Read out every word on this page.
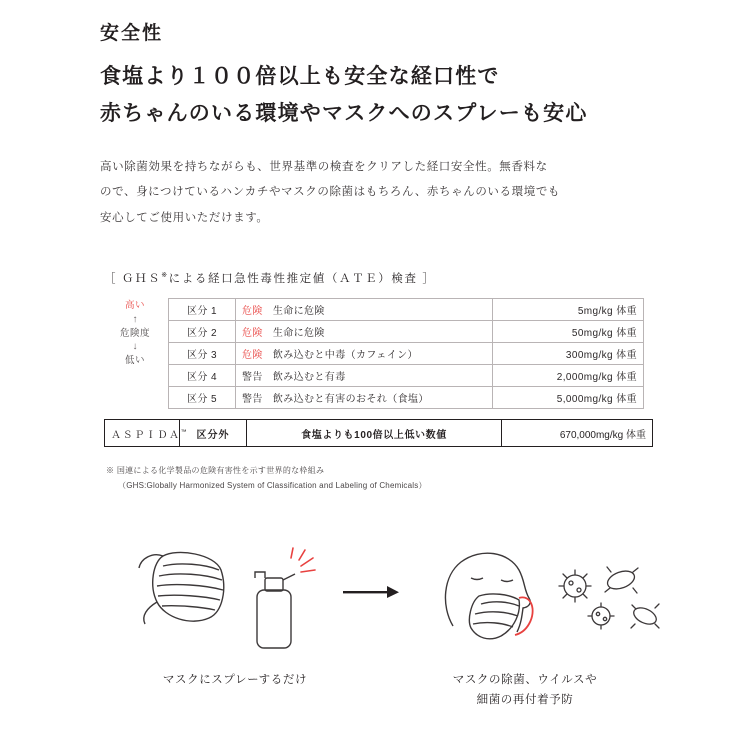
安全性
食塩より１００倍以上も安全な経口性で
赤ちゃんのいる環境やマスクへのスプレーも安心

高い除菌効果を持ちながらも、世界基準の検査をクリアした経口安全性。無香料な
ので、身につけているハンカチやマスクの除菌はもちろん、赤ちゃんのいる環境でも
安心してご使用いただけます。

［ ＧＨＳ※による経口急性毒性推定値（ＡＴＥ）検査 ］
高い
↑
危険度
↓
低い
区分 1	危険 生命に危険	5mg/kg 体重
区分 2	危険 生命に危険	50mg/kg 体重
区分 3	危険 飲み込むと中毒（カフェイン）	300mg/kg 体重
区分 4	警告 飲み込むと有毒	2,000mg/kg 体重
区分 5	警告 飲み込むと有害のおそれ（食塩）	5,000mg/kg 体重
ＡＳＰＩＤＡ™	区分外	食塩よりも100倍以上低い数値	670,000mg/kg 体重
※ 国連による化学製品の危険有害性を示す世界的な枠組み
（GHS:Globally Harmonized System of Classification and Labeling of Chemicals）
マスクにスプレーするだけ	マスクの除菌、ウイルスや
細菌の再付着予防
